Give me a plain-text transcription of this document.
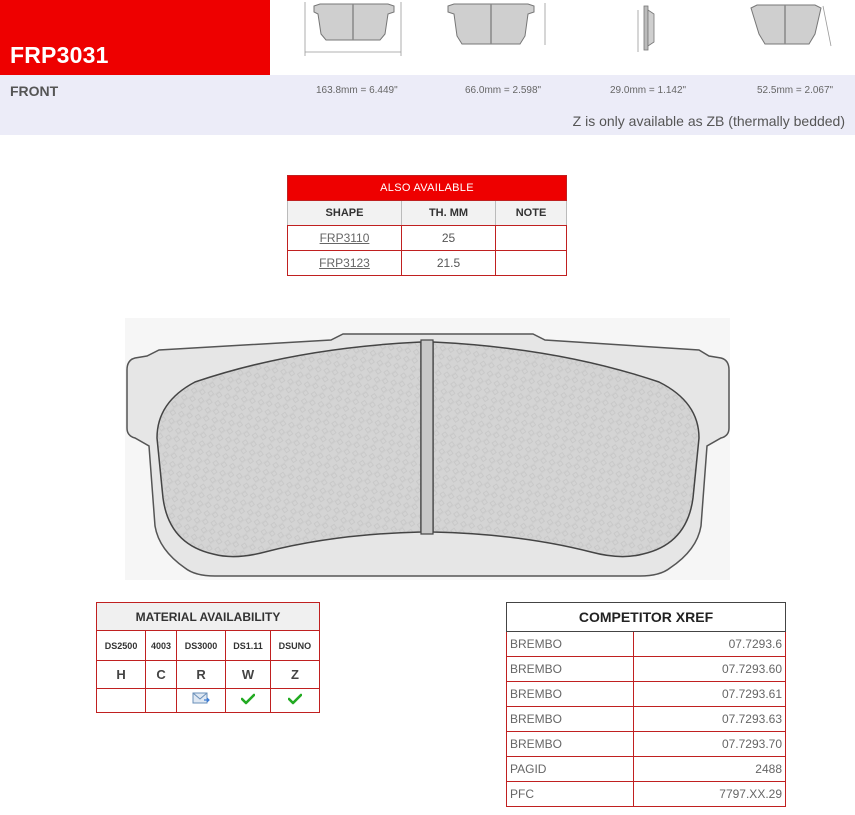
FRP3031
FRONT	163.8mm = 6.449"	66.0mm = 2.598"	29.0mm = 1.142"	52.5mm = 2.067"
Z is only available as ZB (thermally bedded)
ALSO AVAILABLE		
SHAPE	TH. MM	NOTE
FRP3110	25	
FRP3123	21.5	
MATERIAL AVAILABILITY				
DS2500	4003	DS3000	DS1.11	DSUNO
H	C	R	W	Z

COMPETITOR XREF	
BREMBO	07.7293.6
BREMBO	07.7293.60
BREMBO	07.7293.61
BREMBO	07.7293.63
BREMBO	07.7293.70
PAGID	2488
PFC	7797.XX.29
